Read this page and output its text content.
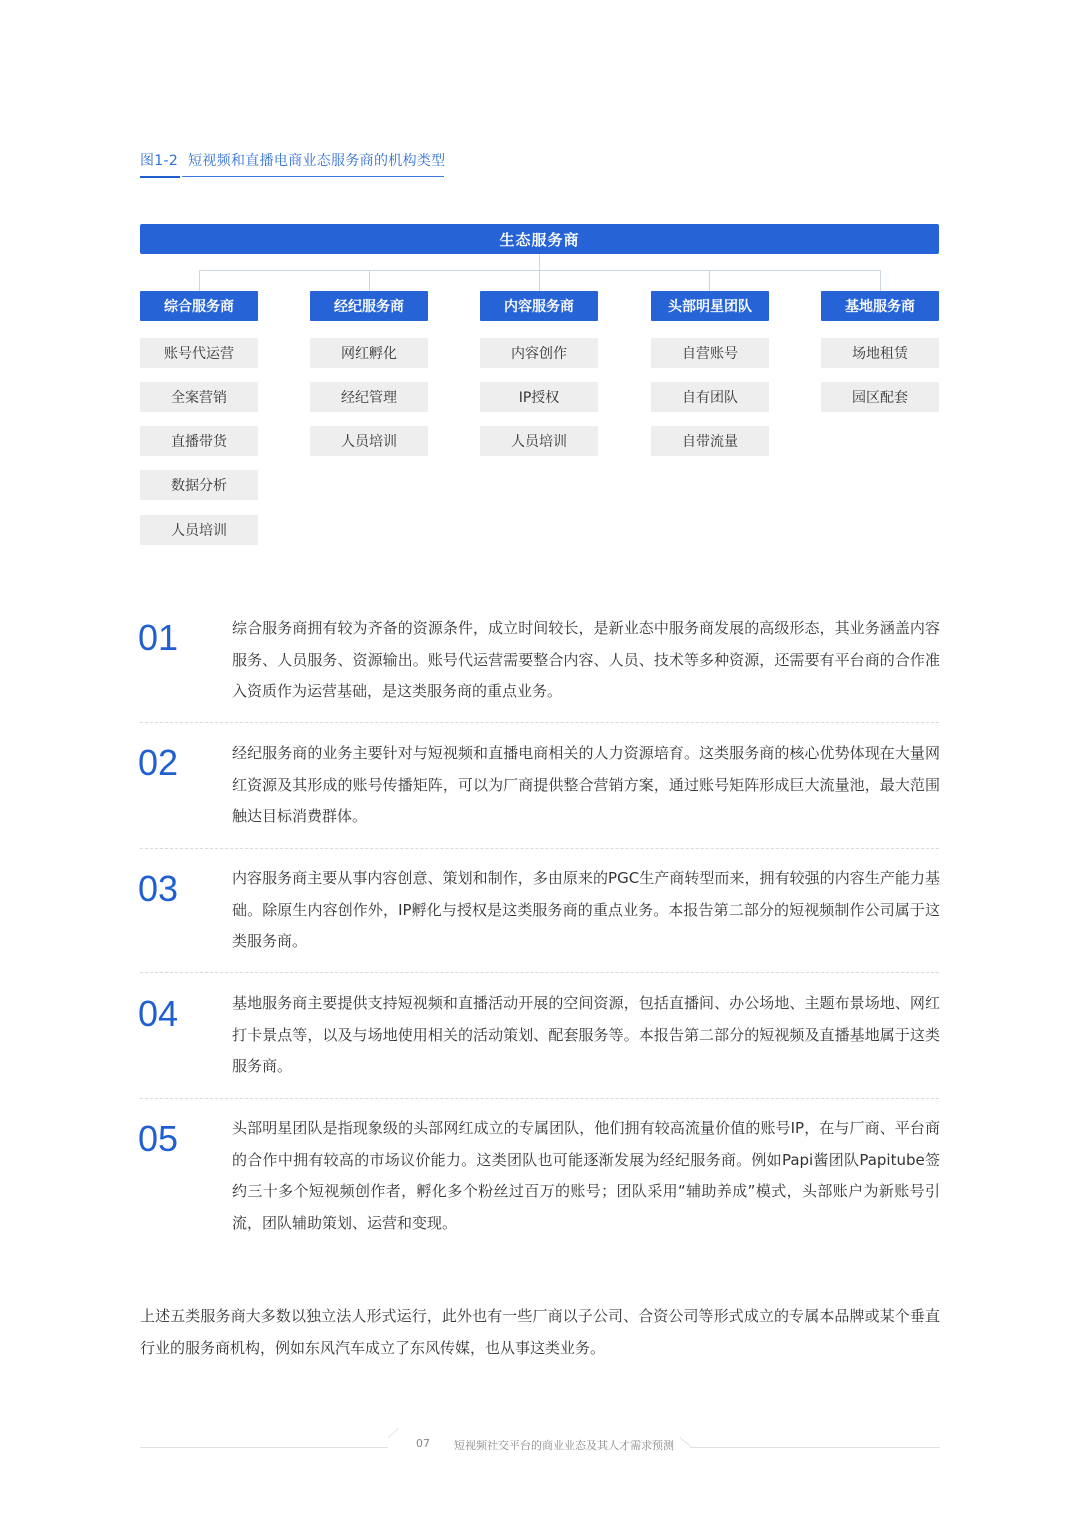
图1-2 短视频和直播电商业态服务商的机构类型
生态服务商
综合服务商
账号代运营
全案营销
直播带货
数据分析
人员培训
经纪服务商
网红孵化
经纪管理
人员培训
内容服务商
内容创作
IP授权
人员培训
头部明星团队
自营账号
自有团队
自带流量
基地服务商
场地租赁
园区配套
01	综合服务商拥有较为齐备的资源条件，成立时间较长，是新业态中服务商发展的高级形态，其业务涵盖内容服务、人员服务、资源输出。账号代运营需要整合内容、人员、技术等多种资源，还需要有平台商的合作准入资质作为运营基础，是这类服务商的重点业务。
02	经纪服务商的业务主要针对与短视频和直播电商相关的人力资源培育。这类服务商的核心优势体现在大量网红资源及其形成的账号传播矩阵，可以为厂商提供整合营销方案，通过账号矩阵形成巨大流量池，最大范围触达目标消费群体。
03	内容服务商主要从事内容创意、策划和制作，多由原来的PGC生产商转型而来，拥有较强的内容生产能力基础。除原生内容创作外，IP孵化与授权是这类服务商的重点业务。本报告第二部分的短视频制作公司属于这类服务商。
04	基地服务商主要提供支持短视频和直播活动开展的空间资源，包括直播间、办公场地、主题布景场地、网红打卡景点等，以及与场地使用相关的活动策划、配套服务等。本报告第二部分的短视频及直播基地属于这类服务商。
05	头部明星团队是指现象级的头部网红成立的专属团队，他们拥有较高流量价值的账号IP，在与厂商、平台商的合作中拥有较高的市场议价能力。这类团队也可能逐渐发展为经纪服务商。例如Papi酱团队Papitube签约三十多个短视频创作者，孵化多个粉丝过百万的账号；团队采用“辅助养成”模式，头部账户为新账号引流，团队辅助策划、运营和变现。
上述五类服务商大多数以独立法人形式运行，此外也有一些厂商以子公司、合资公司等形式成立的专属本品牌或某个垂直行业的服务商机构，例如东风汽车成立了东风传媒，也从事这类业务。
07 短视频社交平台的商业业态及其人才需求预测
